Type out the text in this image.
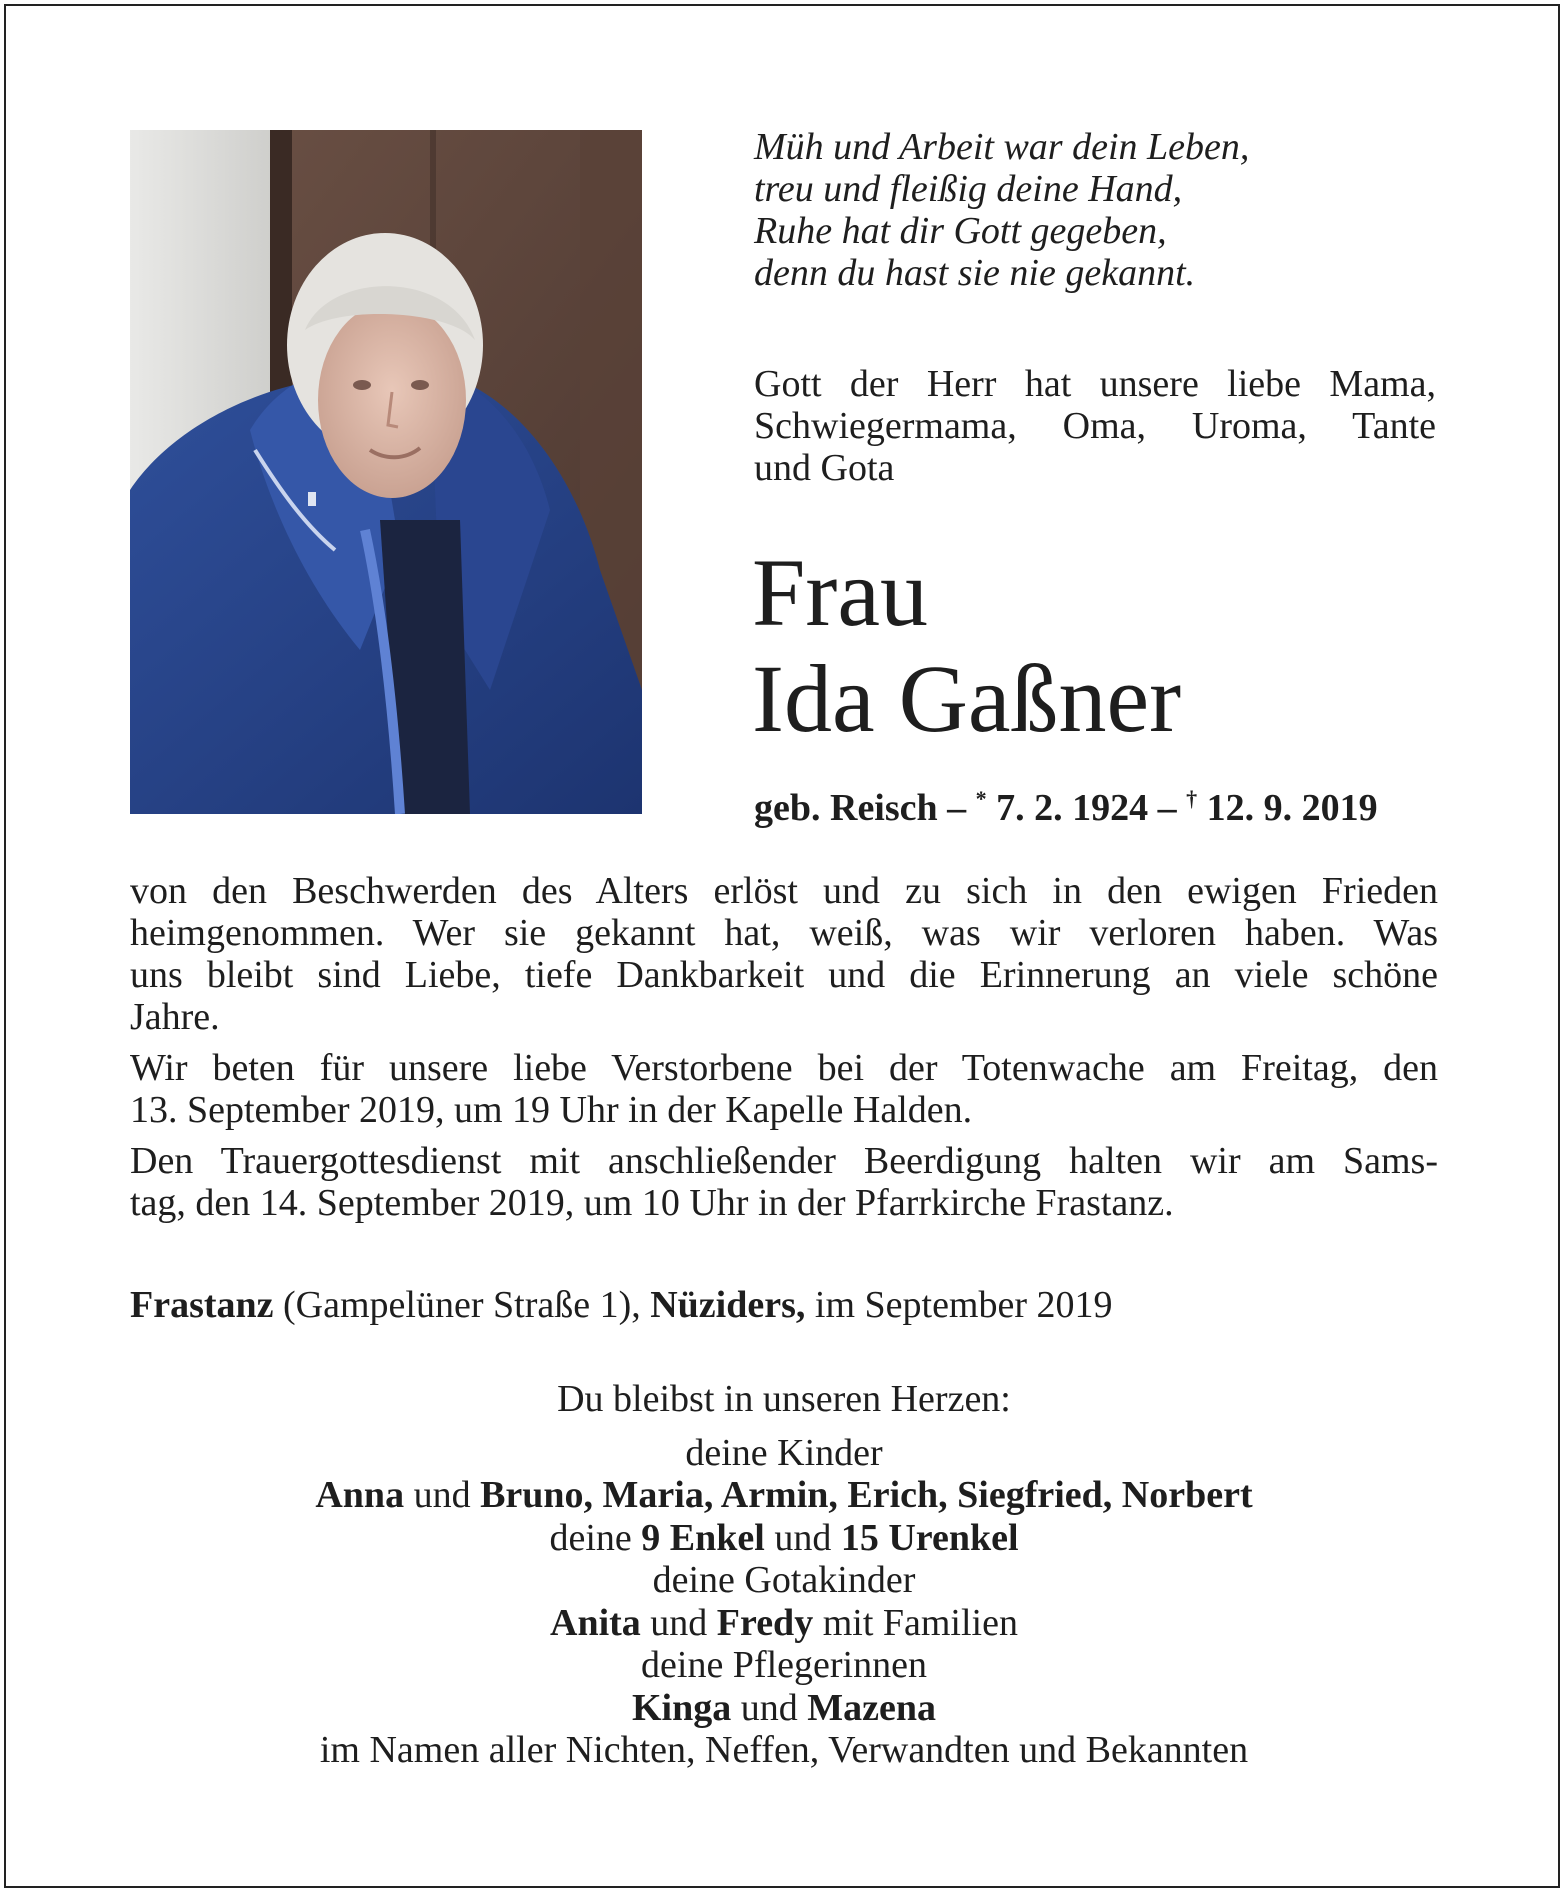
Müh und Arbeit war dein Leben,
treu und fleißig deine Hand,
Ruhe hat dir Gott gegeben,
denn du hast sie nie gekannt.
Gott der Herr hat unsere liebe Mama,
Schwiegermama, Oma, Uroma, Tante
und Gota
Frau
Ida Gaßner
geb. Reisch – * 7. 2. 1924 – † 12. 9. 2019
von den Beschwerden des Alters erlöst und zu sich in den ewigen Frieden
heimgenommen. Wer sie gekannt hat, weiß, was wir verloren haben. Was
uns bleibt sind Liebe, tiefe Dankbarkeit und die Erinnerung an viele schöne
Jahre.
Wir beten für unsere liebe Verstorbene bei der Totenwache am Freitag, den
13. September 2019, um 19 Uhr in der Kapelle Halden.
Den Trauergottesdienst mit anschließender Beerdigung halten wir am Sams-
tag, den 14. September 2019, um 10 Uhr in der Pfarrkirche Frastanz.
Frastanz (Gampelüner Straße 1), Nüziders, im September 2019
Du bleibst in unseren Herzen:
deine Kinder
Anna und Bruno, Maria, Armin, Erich, Siegfried, Norbert
deine 9 Enkel und 15 Urenkel
deine Gotakinder
Anita und Fredy mit Familien
deine Pflegerinnen
Kinga und Mazena
im Namen aller Nichten, Neffen, Verwandten und Bekannten
